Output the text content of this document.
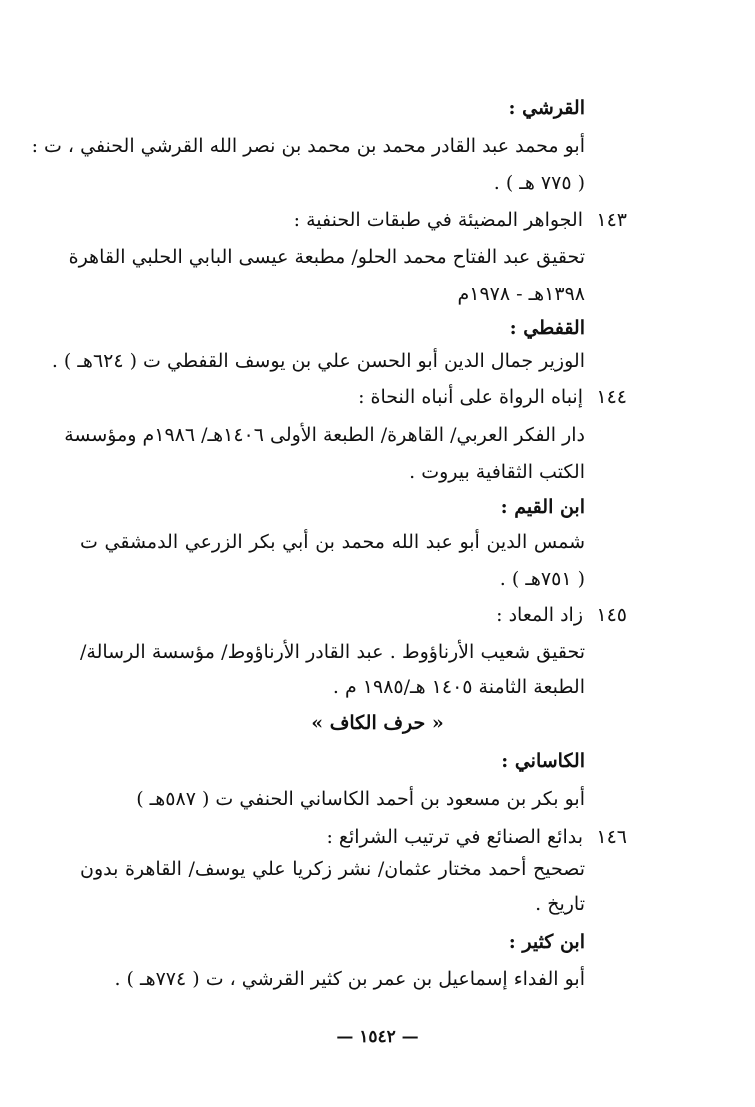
القرشي :
أبو محمد عبد القادر محمد بن محمد بن نصر الله القرشي الحنفي ، ت :
( ٧٧٥ هـ ) .
١٤٣
الجواهر المضيئة في طبقات الحنفية :
تحقيق عبد الفتاح محمد الحلو/ مطبعة عيسى البابي الحلبي القاهرة
١٣٩٨هـ - ١٩٧٨م
القفطي :
الوزير جمال الدين أبو الحسن علي بن يوسف القفطي ت ( ٦٢٤هـ ) .
١٤٤
إنباه الرواة على أنباه النحاة :
دار الفكر العربي/ القاهرة/ الطبعة الأولى ١٤٠٦هـ/ ١٩٨٦م ومؤسسة
الكتب الثقافية بيروت .
ابن القيم :
شمس الدين أبو عبد الله محمد بن أبي بكر الزرعي الدمشقي ت
( ٧٥١هـ ) .
١٤٥
زاد المعاد :
تحقيق شعيب الأرناؤوط . عبد القادر الأرناؤوط/ مؤسسة الرسالة/
الطبعة الثامنة ١٤٠٥ هـ/١٩٨٥ م .
« حرف الكاف »
الكاساني :
أبو بكر بن مسعود بن أحمد الكاساني الحنفي ت ( ٥٨٧هـ )
١٤٦
بدائع الصنائع في ترتيب الشرائع :
تصحيح أحمد مختار عثمان/ نشر زكريا علي يوسف/ القاهرة بدون
تاريخ .
ابن كثير :
أبو الفداء إسماعيل بن عمر بن كثير القرشي ، ت ( ٧٧٤هـ ) .
— ١٥٤٢ —
